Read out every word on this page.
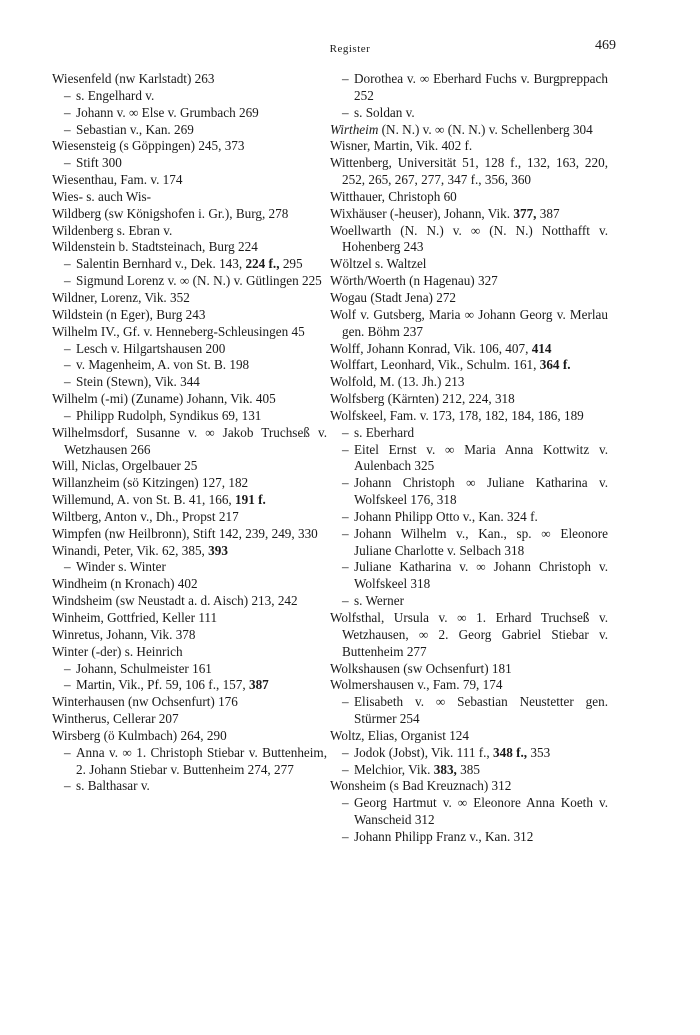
Register	469

Wiesenfeld (nw Karlstadt) 263

– s. Engelhard v.

– Johann v. ∞ Else v. Grumbach 269

– Sebastian v., Kan. 269

Wiesensteig (s Göppingen) 245, 373

– Stift 300

Wiesenthau, Fam. v. 174

Wies- s. auch Wis-

Wildberg (sw Königshofen i. Gr.), Burg, 278

Wildenberg s. Ebran v.

Wildenstein b. Stadtsteinach, Burg 224

– Salentin Bernhard v., Dek. 143, 224 f., 295

– Sigmund Lorenz v. ∞ (N. N.) v. Gütlingen 225

Wildner, Lorenz, Vik. 352

Wildstein (n Eger), Burg 243

Wilhelm IV., Gf. v. Henneberg-Schleusingen 45

– Lesch v. Hilgartshausen 200

– v. Magenheim, A. von St. B. 198

– Stein (Stewn), Vik. 344

Wilhelm (-mi) (Zuname) Johann, Vik. 405

– Philipp Rudolph, Syndikus 69, 131

Wilhelmsdorf, Susanne v. ∞ Jakob Truchseß v. Wetzhausen 266

Will, Niclas, Orgelbauer 25

Willanzheim (sö Kitzingen) 127, 182

Willemund, A. von St. B. 41, 166, 191 f.

Wiltberg, Anton v., Dh., Propst 217

Wimpfen (nw Heilbronn), Stift 142, 239, 249, 330

Winandi, Peter, Vik. 62, 385, 393

– Winder s. Winter

Windheim (n Kronach) 402

Windsheim (sw Neustadt a. d. Aisch) 213, 242

Winheim, Gottfried, Keller 111

Winretus, Johann, Vik. 378

Winter (-der) s. Heinrich

– Johann, Schulmeister 161

– Martin, Vik., Pf. 59, 106 f., 157, 387

Winterhausen (nw Ochsenfurt) 176

Wintherus, Cellerar 207

Wirsberg (ö Kulmbach) 264, 290

– Anna v. ∞ 1. Christoph Stiebar v. Buttenheim, 2. Johann Stiebar v. Buttenheim 274, 277

– s. Balthasar v.

– Dorothea v. ∞ Eberhard Fuchs v. Burgpreppach 252

– s. Soldan v.

Wirtheim (N. N.) v. ∞ (N. N.) v. Schellenberg 304

Wisner, Martin, Vik. 402 f.

Wittenberg, Universität 51, 128 f., 132, 163, 220, 252, 265, 267, 277, 347 f., 356, 360

Witthauer, Christoph 60

Wixhäuser (-heuser), Johann, Vik. 377, 387

Woellwarth (N. N.) v. ∞ (N. N.) Notthafft v. Hohenberg 243

Wöltzel s. Waltzel

Wörth/Woerth (n Hagenau) 327

Wogau (Stadt Jena) 272

Wolf v. Gutsberg, Maria ∞ Johann Georg v. Merlau gen. Böhm 237

Wolff, Johann Konrad, Vik. 106, 407, 414

Wolffart, Leonhard, Vik., Schulm. 161, 364 f.

Wolfold, M. (13. Jh.) 213

Wolfsberg (Kärnten) 212, 224, 318

Wolfskeel, Fam. v. 173, 178, 182, 184, 186, 189

– s. Eberhard

– Eitel Ernst v. ∞ Maria Anna Kottwitz v. Aulenbach 325

– Johann Christoph ∞ Juliane Katharina v. Wolfskeel 176, 318

– Johann Philipp Otto v., Kan. 324 f.

– Johann Wilhelm v., Kan., sp. ∞ Eleonore Juliane Charlotte v. Selbach 318

– Juliane Katharina v. ∞ Johann Christoph v. Wolfskeel 318

– s. Werner

Wolfsthal, Ursula v. ∞ 1. Erhard Truchseß v. Wetzhausen, ∞ 2. Georg Gabriel Stiebar v. Buttenheim 277

Wolkshausen (sw Ochsenfurt) 181

Wolmershausen v., Fam. 79, 174

– Elisabeth v. ∞ Sebastian Neustetter gen. Stürmer 254

Woltz, Elias, Organist 124

– Jodok (Jobst), Vik. 111 f., 348 f., 353

– Melchior, Vik. 383, 385

Wonsheim (s Bad Kreuznach) 312

– Georg Hartmut v. ∞ Eleonore Anna Koeth v. Wanscheid 312

– Johann Philipp Franz v., Kan. 312
